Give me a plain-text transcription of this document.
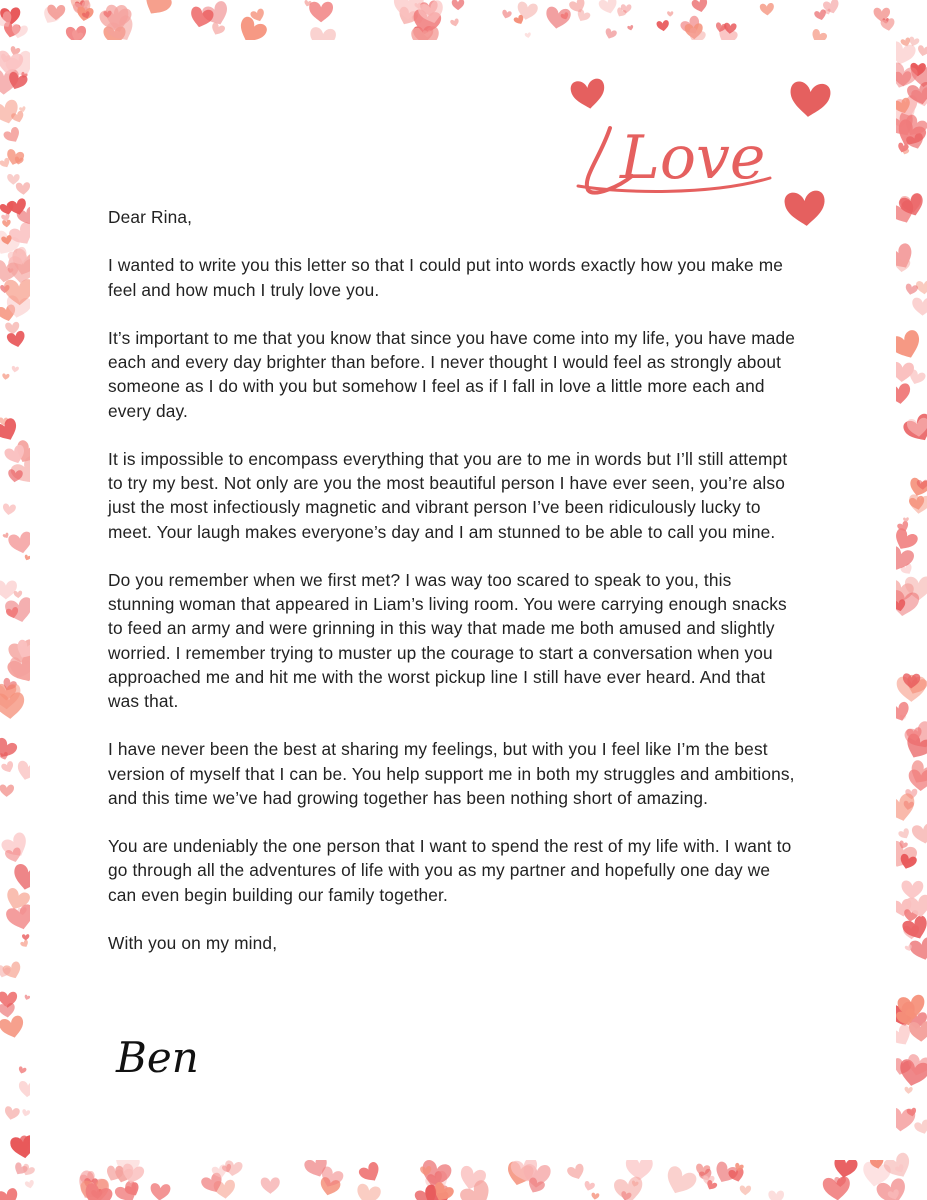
Love

Dear Rina,

I wanted to write you this letter so that I could put into words exactly how you make me feel and how much I truly love you.

It’s important to me that you know that since you have come into my life, you have made each and every day brighter than before. I never thought I would feel as strongly about someone as I do with you but somehow I feel as if I fall in love a little more each and every day.

It is impossible to encompass everything that you are to me in words but I’ll still attempt to try my best. Not only are you the most beautiful person I have ever seen, you’re also just the most infectiously magnetic and vibrant person I’ve been ridiculously lucky to meet. Your laugh makes everyone’s day and I am stunned to be able to call you mine.

Do you remember when we first met? I was way too scared to speak to you, this stunning woman that appeared in Liam’s living room. You were carrying enough snacks to feed an army and were grinning in this way that made me both amused and slightly worried. I remember trying to muster up the courage to start a conversation when you approached me and hit me with the worst pickup line I still have ever heard. And that was that.

I have never been the best at sharing my feelings, but with you I feel like I’m the best version of myself that I can be. You help support me in both my struggles and ambitions, and this time we’ve had growing together has been nothing short of amazing.

You are undeniably the one person that I want to spend the rest of my life with. I want to go through all the adventures of life with you as my partner and hopefully one day we can even begin building our family together.

With you on my mind,

Ben
